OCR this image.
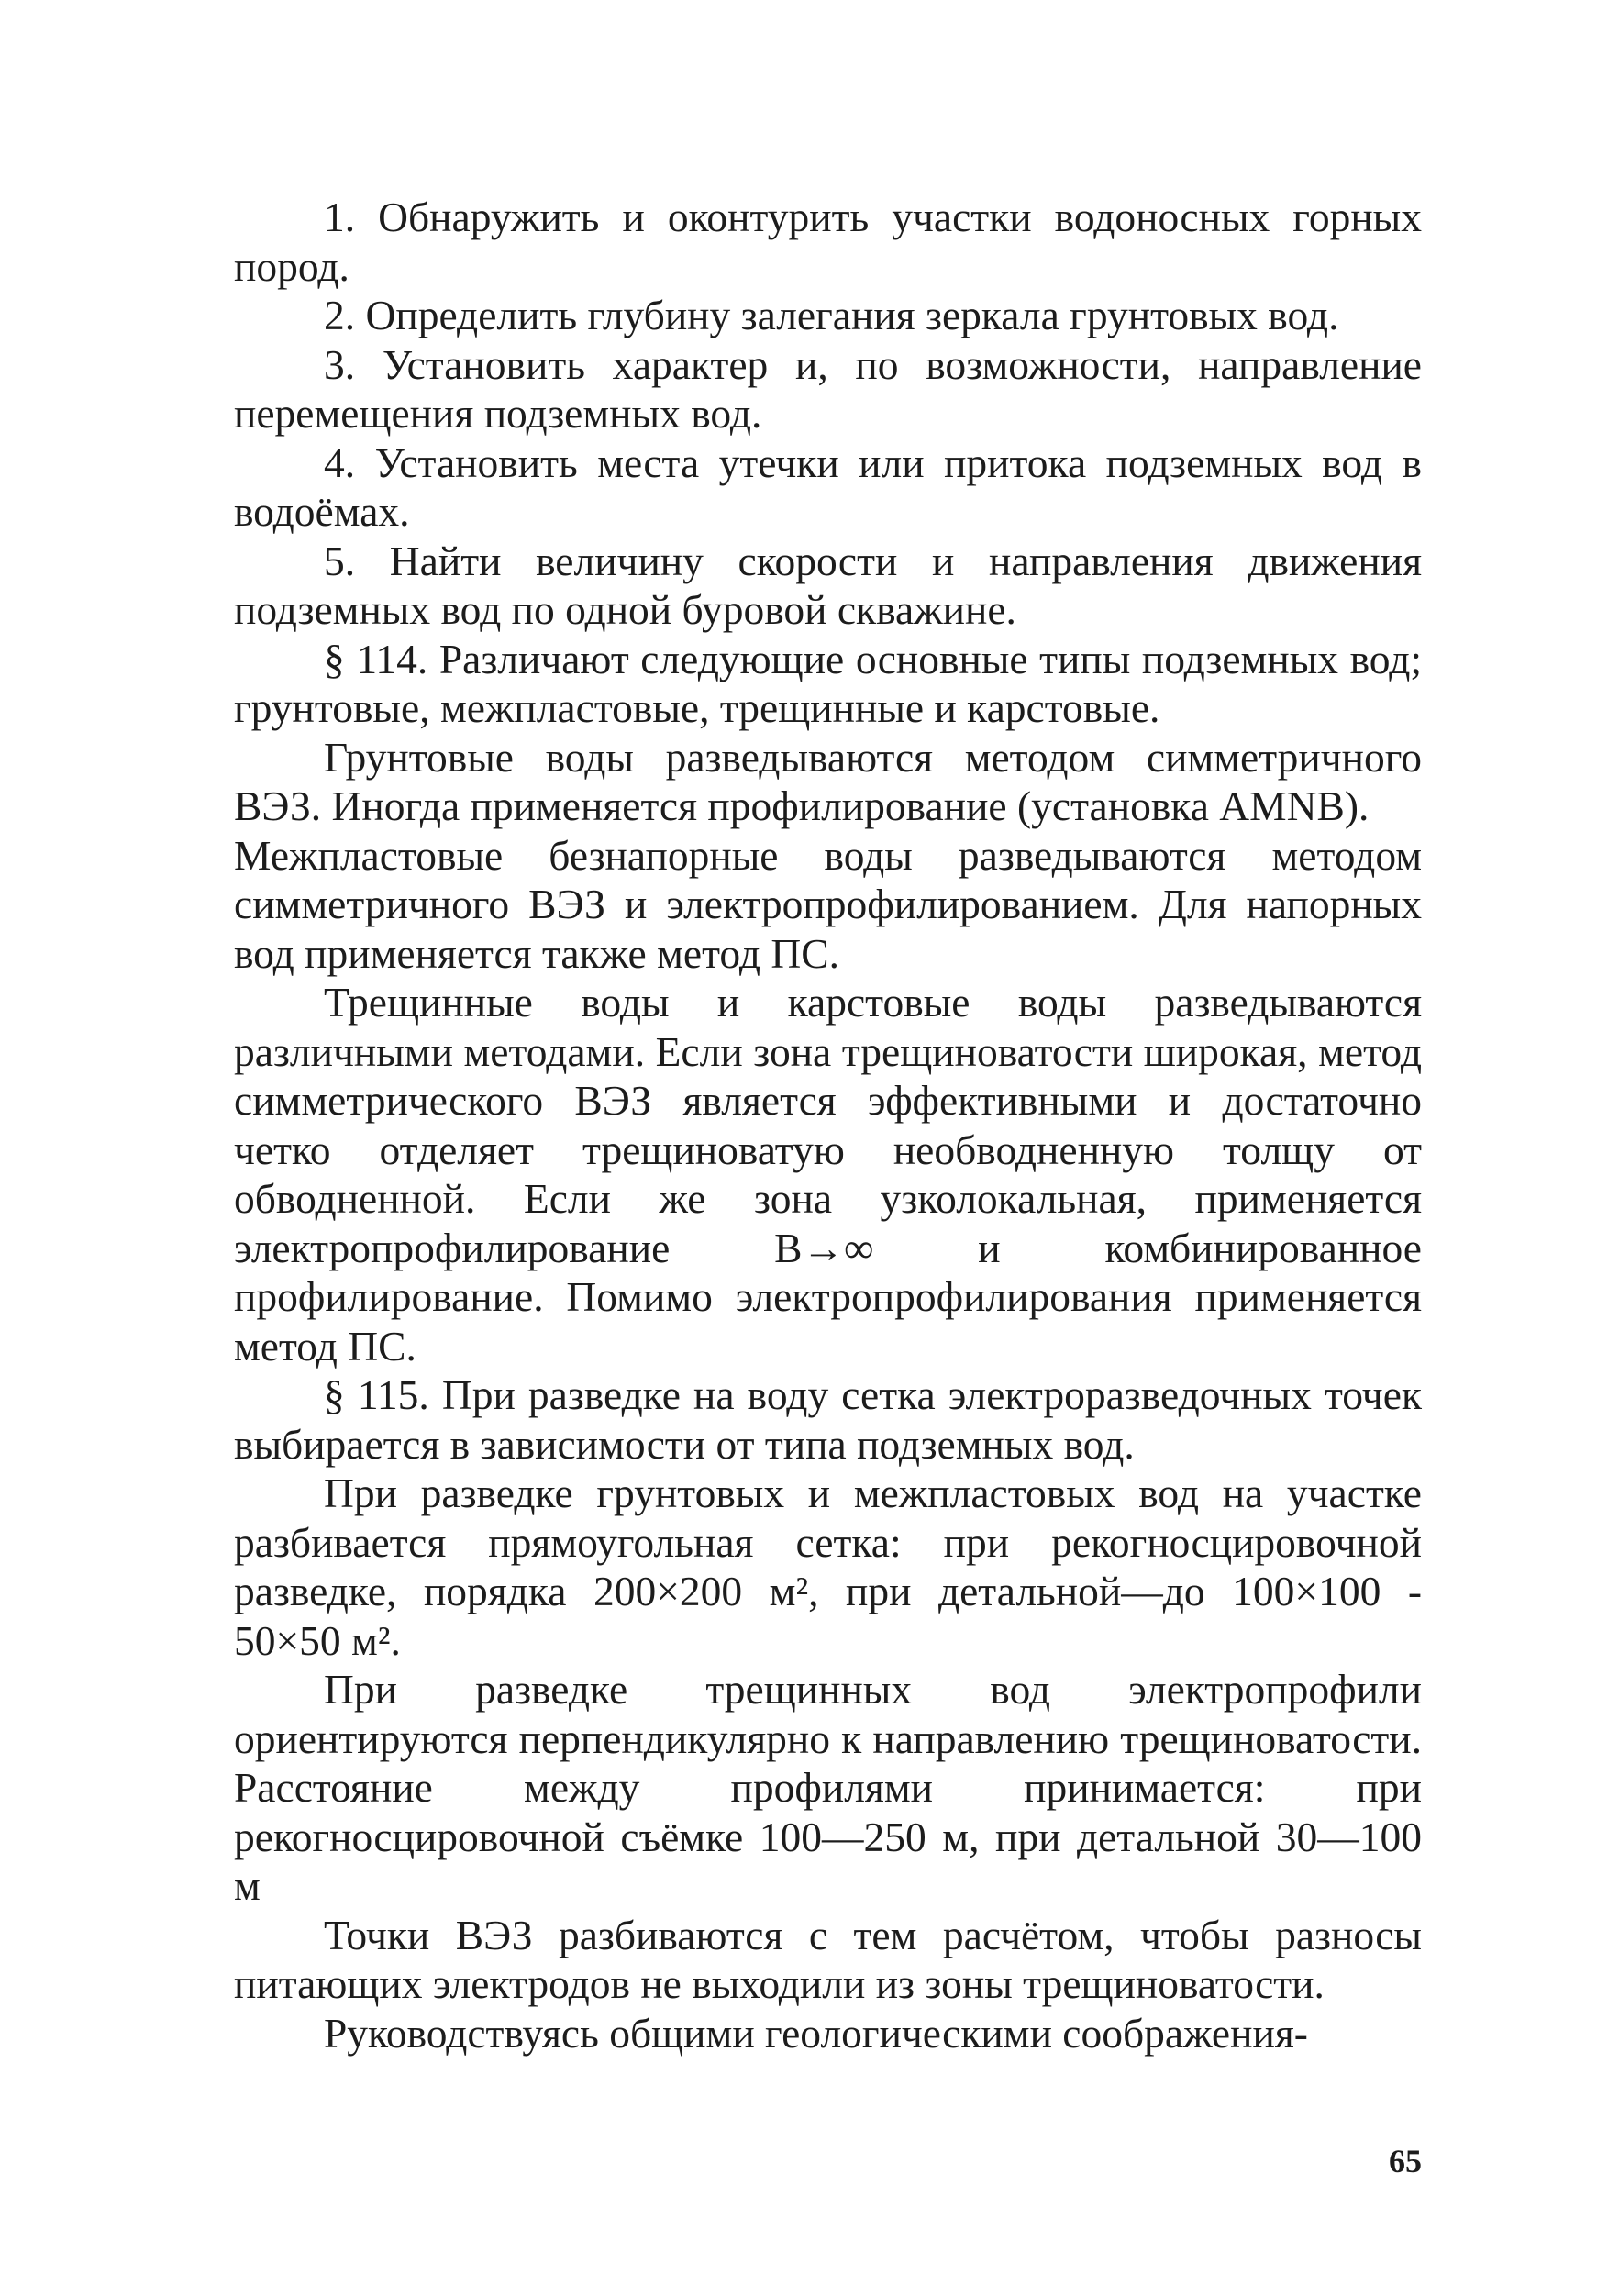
1. Обнаружить и оконтурить участки водоносных горных пород.

2. Определить глубину залегания зеркала грунтовых вод.

3. Установить характер и, по возможности, направление перемещения подземных вод.

4. Установить места утечки или притока подземных вод в водоёмах.

5. Найти величину скорости и направления движения подземных вод по одной буровой скважине.

§ 114. Различают следующие основные типы подземных вод; грунтовые, межпластовые, трещинные и карстовые.

Грунтовые воды разведываются методом симметричного ВЭЗ. Иногда применяется профилирование (установка AMNB).

Межпластовые безнапорные воды разведываются методом симметричного ВЭЗ и электропрофилированием. Для напорных вод применяется также метод ПС.

Трещинные воды и карстовые воды разведываются различными методами. Если зона трещиноватости широкая, метод симметрического ВЭЗ является эффективными и достаточно четко отделяет трещиноватую необводненную толщу от обводненной. Если же зона узколокальная, применяется электропрофилирование В→∞ и комбинированное профилирование. Помимо электропрофилирования применяется метод ПС.

§ 115. При разведке на воду сетка электроразведочных точек выбирается в зависимости от типа подземных вод.

При разведке грунтовых и межпластовых вод на участке разбивается прямоугольная сетка: при рекогносцировочной разведке, порядка 200×200 м², при детальной—до 100×100 - 50×50 м².

При разведке трещинных вод электропрофили ориентируются перпендикулярно к направлению трещиноватости. Расстояние между профилями принимается: при рекогносцировочной съёмке 100—250 м, при детальной 30—100 м

Точки ВЭЗ разбиваются с тем расчётом, чтобы разносы питающих электродов не выходили из зоны трещиноватости.

Руководствуясь общими геологическими соображения-

65
